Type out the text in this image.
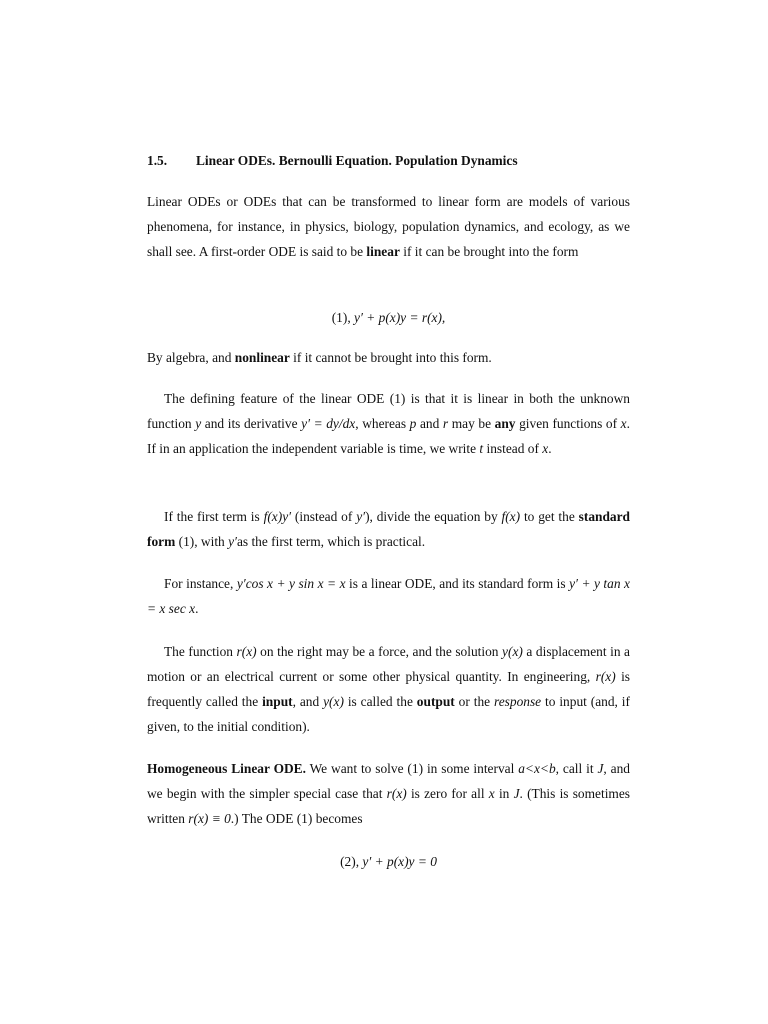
1.5. Linear ODEs. Bernoulli Equation. Population Dynamics

Linear ODEs or ODEs that can be transformed to linear form are models of various phenomena, for instance, in physics, biology, population dynamics, and ecology, as we shall see. A first-order ODE is said to be linear if it can be brought into the form

(1), y′ + p(x)y = r(x),

By algebra, and nonlinear if it cannot be brought into this form.

The defining feature of the linear ODE (1) is that it is linear in both the unknown function y and its derivative y′ = dy/dx, whereas p and r may be any given functions of x. If in an application the independent variable is time, we write t instead of x.

If the first term is f(x)y′ (instead of y′), divide the equation by f(x) to get the standard form (1), with y′as the first term, which is practical.

For instance, y′cos x + y sin x = x is a linear ODE, and its standard form is y′ + y tan x = x sec x.

The function r(x) on the right may be a force, and the solution y(x) a displacement in a motion or an electrical current or some other physical quantity. In engineering, r(x) is frequently called the input, and y(x) is called the output or the response to input (and, if given, to the initial condition).

Homogeneous Linear ODE. We want to solve (1) in some interval a<x<b, call it J, and we begin with the simpler special case that r(x) is zero for all x in J. (This is sometimes written r(x) ≡ 0.) The ODE (1) becomes

(2), y′ + p(x)y = 0
